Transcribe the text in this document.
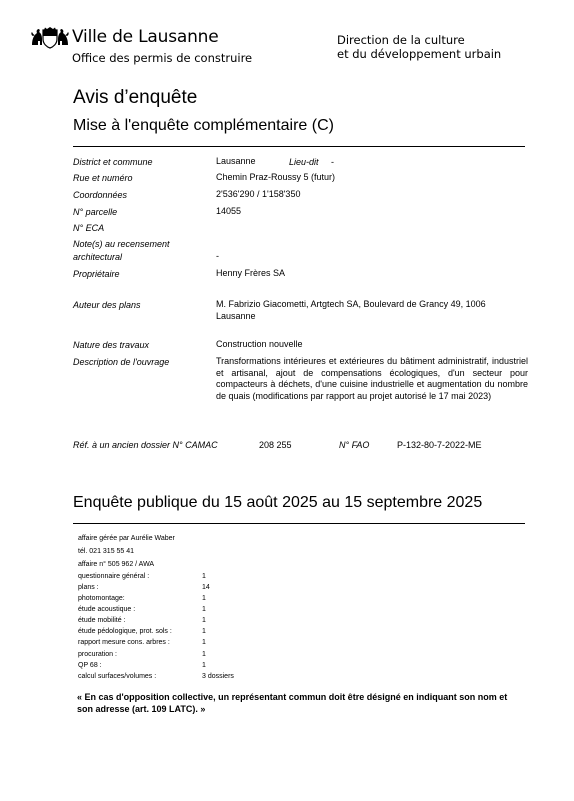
Ville de Lausanne
Office des permis de construire
Direction de la culture
et du développement urbain
Avis d’enquête
Mise à l'enquête complémentaire (C)
District et commune	Lausanne	Lieu-dit -
Rue et numéro	Chemin Praz-Roussy 5 (futur)
Coordonnées	2'536'290 / 1'158'350
N° parcelle	14055
N° ECA
Note(s) au recensement
architectural	-
Propriétaire	Henny Frères SA
Auteur des plans	M. Fabrizio Giacometti, Artgtech SA, Boulevard de Grancy 49, 1006
Lausanne
Nature des travaux	Construction nouvelle
Description de l'ouvrage	Transformations intérieures et extérieures du bâtiment administratif, industriel et artisanal, ajout de compensations écologiques, d'un secteur pour compacteurs à déchets, d'une cuisine industrielle et augmentation du nombre de quais (modifications par rapport au projet autorisé le 17 mai 2023)
Réf. à un ancien dossier N° CAMAC	208 255	N° FAO	P-132-80-7-2022-ME
Enquête publique du 15 août 2025 au 15 septembre 2025
affaire gérée par Aurélie Waber
tél. 021 315 55 41
affaire n° 505 962 / AWA
questionnaire général :	1
plans :	14
photomontage:	1
étude acoustique :	1
étude mobilité :	1
étude pédologique, prot. sols :	1
rapport mesure cons. arbres :	1
procuration :	1
QP 68 :	1
calcul surfaces/volumes :	3 dossiers
« En cas d'opposition collective, un représentant commun doit être désigné en indiquant son nom et son adresse (art. 109 LATC). »
